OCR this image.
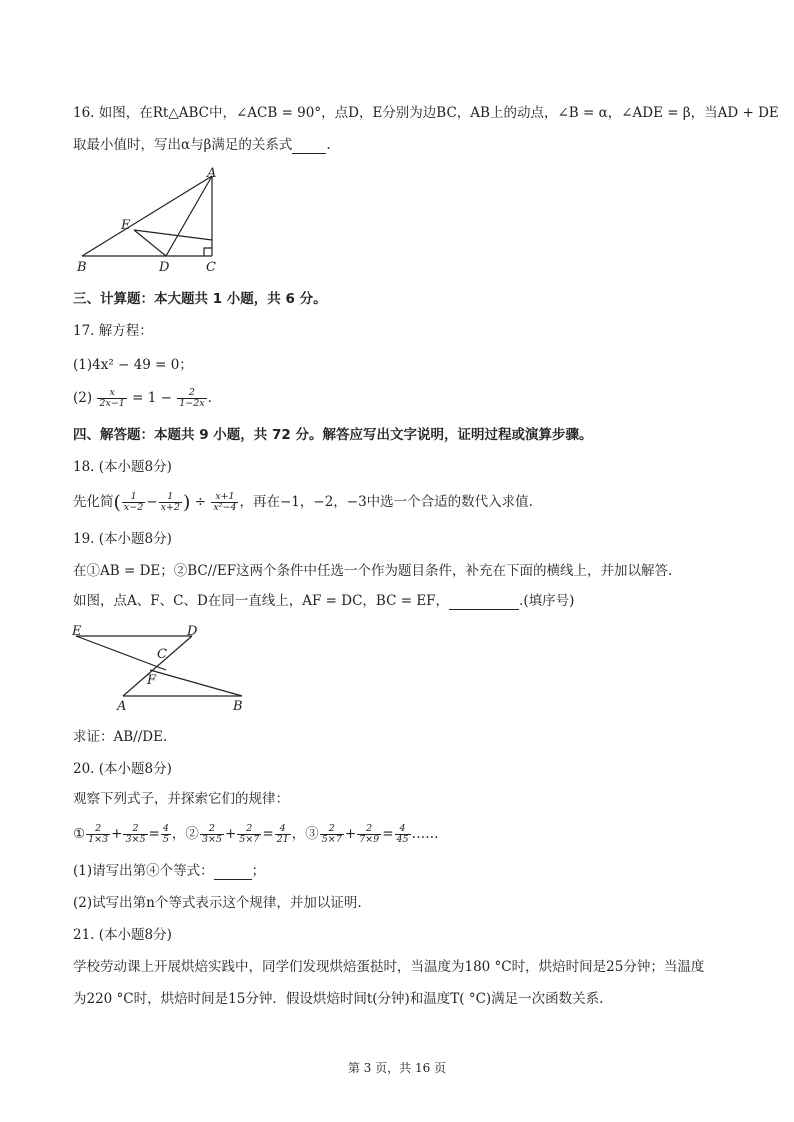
16. 如图，在Rt△ABC中，∠ACB = 90°，点D，E分别为边BC，AB上的动点，∠B = α，∠ADE = β，当AD + DE
取最小值时，写出α与β满足的关系式	.
A
E
B	D	C
三、计算题：本大题共 1 小题，共 6 分。
17. 解方程：
(1)4x² − 49 = 0；
$(2) \frac{x}{2x-1} = 1 - \frac{2}{1-2x}$ .
四、解答题：本题共 9 小题，共 72 分。解答应写出文字说明，证明过程或演算步骤。
18. (本小题8分)
先化简( $\frac{1}{x-2} - \frac{1}{x+2}$ ) ÷ $\frac{x+1}{\text{x²−4}}$ ，再在−1，−2，−3中选一个合适的数代入求值.
19. (本小题8分)
在①AB = DE；②BC//EF这两个条件中任选一个作为题目条件，补充在下面的横线上，并加以解答.
如图，点A、F、C、D在同一直线上，AF = DC，BC = EF，	.(填序号)
E	D
C
F
A	B
求证：AB//DE.
20. (本小题8分)
观察下列式子，并探索它们的规律：
① $\frac{2}{1\times 3} + \frac{2}{3\times 5} = \frac{4}{5}$ ，② $\frac{2}{3\times 5} + \frac{2}{5\times 7} = \frac{4}{21}$ ，③ $\frac{2}{5\times 7} + \frac{2}{7\times 9} = \frac{4}{45}$ ……
(1)请写出第④个等式：	；
(2)试写出第n个等式表示这个规律，并加以证明.
21. (本小题8分)
学校劳动课上开展烘焙实践中，同学们发现烘焙蛋挞时，当温度为180 °C时，烘焙时间是25分钟；当温度
为220 °C时，烘焙时间是15分钟．假设烘焙时间t(分钟)和温度T( °C)满足一次函数关系.
第 3 页，共 16 页
